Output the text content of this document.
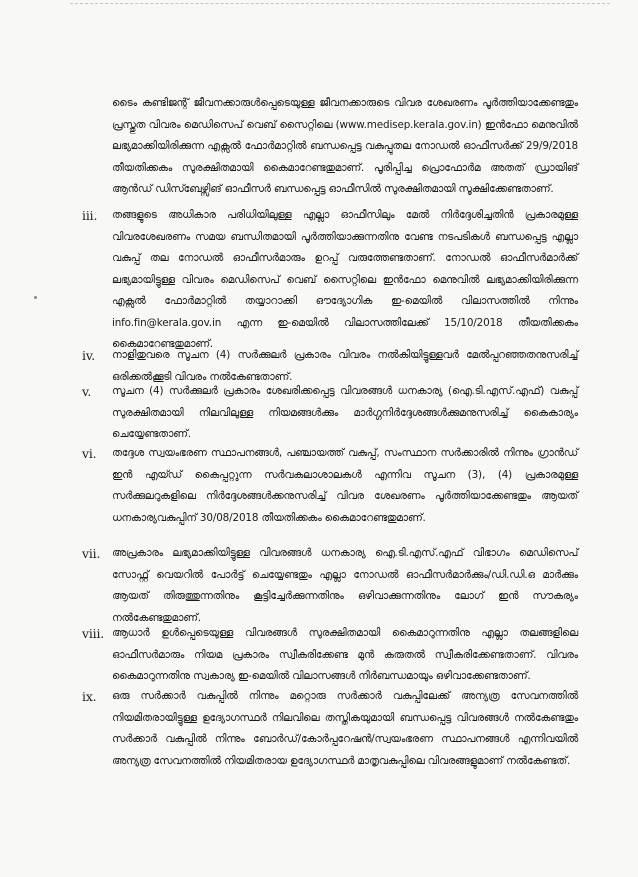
ടൈം കണ്ടിജന്റ് ജീവനക്കാരുൾപ്പെടെയുള്ള ജീവനക്കാരുടെ വിവര ശേഖരണം പൂർത്തിയാക്കേണ്ടതും പ്രസ്തുത വിവരം മെഡിസെപ് വെബ് സൈറ്റിലെ (www.medisep.kerala.gov.in) ഇൻഫോ മെനുവിൽ ലഭ്യമാക്കിയിരിക്കുന്ന എക്സൽ ഫോർമാറ്റിൽ ബന്ധപ്പെട്ട വകുപ്പുതല നോഡൽ ഓഫീസർക്ക് 29/9/2018 തീയതിക്കകം സുരക്ഷിതമായി കൈമാറേണ്ടതുമാണ്. പൂരിപ്പിച്ച പ്രൊഫോർമ അതത് ഡ്രായിങ് ആൻഡ് ഡിസ്ബേഴ്സിങ് ഓഫീസർ ബന്ധപ്പെട്ട ഓഫീസിൽ സുരക്ഷിതമായി സൂക്ഷിക്കേണ്ടതാണ്.
iii.	തങ്ങളുടെ അധികാര പരിധിയിലുള്ള എല്ലാ ഓഫീസിലും മേൽ നിർദ്ദേശിച്ചതിൻ പ്രകാരമുള്ള വിവരശേഖരണം സമയ ബന്ധിതമായി പൂർത്തിയാക്കുന്നതിനു വേണ്ട നടപടികൾ ബന്ധപ്പെട്ട എല്ലാ വകുപ്പ് തല നോഡൽ ഓഫീസർമാരും ഉറപ്പ് വരുത്തേണ്ടതാണ്. നോഡൽ ഓഫീസർമാർക്ക് ലഭ്യമായിട്ടുള്ള വിവരം മെഡിസെപ് വെബ് സൈറ്റിലെ ഇൻഫോ മെനുവിൽ ലഭ്യമാക്കിയിരിക്കുന്ന എക്സൽ ഫോർമാറ്റിൽ തയ്യാറാക്കി ഔദ്യോഗിക ഇ-മെയിൽ വിലാസത്തിൽ നിന്നും info.fin@kerala.gov.in എന്ന ഇ-മെയിൽ വിലാസത്തിലേക്ക് 15/10/2018 തീയതിക്കകം കൈമാറേണ്ടതുമാണ്.
iv.	നാളിതുവരെ സൂചന (4) സർക്കുലർ പ്രകാരം വിവരം നൽകിയിട്ടുള്ളവർ മേൽപ്പറഞ്ഞതനുസരിച്ച് ഒരിക്കൽക്കൂടി വിവരം നൽകേണ്ടതാണ്.
v.	സൂചന (4) സർക്കുലർ പ്രകാരം ശേഖരിക്കപ്പെട്ട വിവരങ്ങൾ ധനകാര്യ (ഐ.ടി.എസ്.എഫ്) വകുപ്പ് സുരക്ഷിതമായി നിലവിലുള്ള നിയമങ്ങൾക്കും മാർഗ്ഗനിർദ്ദേശങ്ങൾക്കുമനുസരിച്ച് കൈകാര്യം ചെയ്യേണ്ടതാണ്.
vi.	തദ്ദേശ സ്വയംഭരണ സ്ഥാപനങ്ങൾ, പഞ്ചായത്ത് വകുപ്പ്, സംസ്ഥാന സർക്കാരിൽ നിന്നും ഗ്രാൻഡ് ഇൻ എയ്ഡ് കൈപ്പറ്റുന്ന സർവകലാശാലകൾ എന്നിവ സൂചന (3), (4) പ്രകാരമുള്ള സർക്കുലറുകളിലെ നിർദ്ദേശങ്ങൾക്കനുസരിച്ച് വിവര ശേഖരണം പൂർത്തിയാക്കേണ്ടതും ആയത് ധനകാര്യവകുപ്പിന് 30/08/2018 തീയതിക്കകം കൈമാറേണ്ടതുമാണ്.
vii.	അപ്രകാരം ലഭ്യമാക്കിയിട്ടുള്ള വിവരങ്ങൾ ധനകാര്യ ഐ.ടി.എസ്.എഫ് വിഭാഗം മെഡിസെപ് സോഫ്റ്റ് വെയറിൽ പോർട്ട് ചെയ്യേണ്ടതും എല്ലാ നോഡൽ ഓഫീസർമാർക്കും/ഡി.ഡി.ഒ മാർക്കും ആയത് തിരുത്തുന്നതിനും കൂട്ടിച്ചേർക്കുന്നതിനും ഒഴിവാക്കുന്നതിനും ലോഗ് ഇൻ സൗകര്യം നൽകേണ്ടതുമാണ്.
viii. ആധാർ ഉൾപ്പെടെയുള്ള വിവരങ്ങൾ സുരക്ഷിതമായി കൈമാറുന്നതിനു എല്ലാ തലങ്ങളിലെ ഓഫീസർമാരും നിയമ പ്രകാരം സ്വീകരിക്കേണ്ട മുൻ കരുതൽ സ്വീകരിക്കേണ്ടതാണ്. വിവരം കൈമാറുന്നതിനു സ്വകാര്യ ഇ-മെയിൽ വിലാസങ്ങൾ നിർബന്ധമായും ഒഴിവാക്കേണ്ടതാണ്.
ix.	ഒരു സർക്കാർ വകുപ്പിൽ നിന്നും മറ്റൊരു സർക്കാർ വകുപ്പിലേക്ക് അന്യത്ര സേവനത്തിൽ നിയമിതരായിട്ടുള്ള ഉദ്യോഗസ്ഥർ നിലവിലെ തസ്തികയുമായി ബന്ധപ്പെട്ട വിവരങ്ങൾ നൽകേണ്ടതും സർക്കാർ വകുപ്പിൽ നിന്നും ബോർഡ്/കോർപ്പറേഷൻ/സ്വയംഭരണ സ്ഥാപനങ്ങൾ എന്നിവയിൽ അന്യത്ര സേവനത്തിൽ നിയമിതരായ ഉദ്യോഗസ്ഥർ മാതൃവകുപ്പിലെ വിവരങ്ങളുമാണ് നൽകേണ്ടത്.
